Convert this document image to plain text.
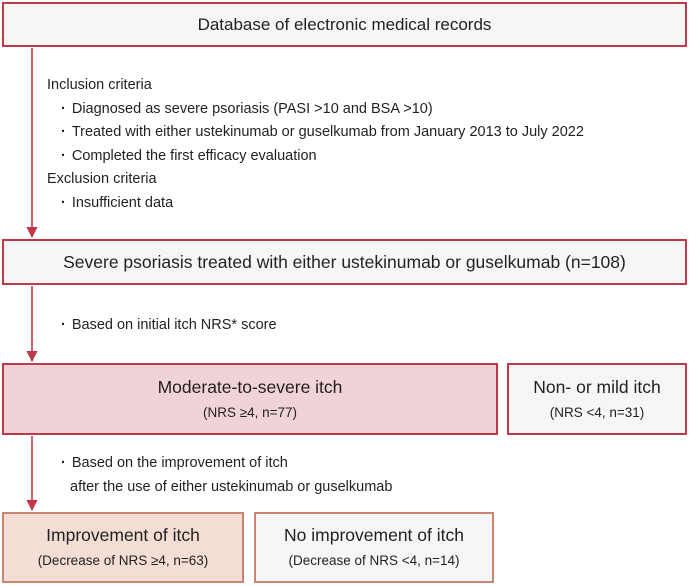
Database of electronic medical records
Inclusion criteria
· Diagnosed as severe psoriasis (PASI >10 and BSA >10)
· Treated with either ustekinumab or guselkumab from January 2013 to July 2022
· Completed the first efficacy evaluation
Exclusion criteria
· Insufficient data
Severe psoriasis treated with either ustekinumab or guselkumab (n=108)
· Based on initial itch NRS* score
Moderate-to-severe itch
(NRS ≥4, n=77)
Non- or mild itch
(NRS <4, n=31)
· Based on the improvement of itch
after the use of either ustekinumab or guselkumab
Improvement of itch
(Decrease of NRS ≥4, n=63)
No improvement of itch
(Decrease of NRS <4, n=14)
